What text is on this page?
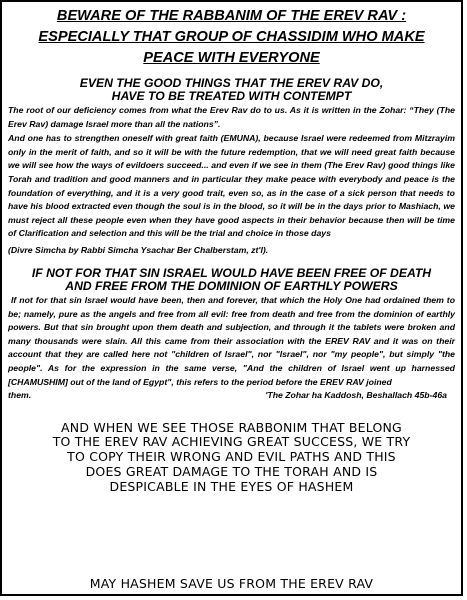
BEWARE OF THE RABBANIM OF THE EREV RAV :
ESPECIALLY THAT GROUP OF CHASSIDIM WHO MAKE
PEACE WITH EVERYONE
EVEN THE GOOD THINGS THAT THE EREV RAV DO,
HAVE TO BE TREATED WITH CONTEMPT

The root of our deficiency comes from what the Erev Rav do to us. As it is written in the Zohar: “They (The Erev Rav) damage Israel more than all the nations”.

And one has to strengthen oneself with great faith (EMUNA), because Israel were redeemed from Mitzrayim only in the merit of faith, and so it will be with the future redemption, that we will need great faith because we will see how the ways of evildoers succeed... and even if we see in them (The Erev Rav) good things like Torah and tradition and good manners and in particular they make peace with everybody and peace is the foundation of everything, and it is a very good trait, even so, as in the case of a sick person that needs to have his blood extracted even though the soul is in the blood, so it will be in the days prior to Mashiach, we must reject all these people even when they have good aspects in their behavior because then will be time of Clarification and selection and this will be the trial and choice in those days

(Divre Simcha by Rabbi Simcha Ysachar Ber Chalberstam, zt'l).

IF NOT FOR THAT SIN ISRAEL WOULD HAVE BEEN FREE OF DEATH
AND FREE FROM THE DOMINION OF EARTHLY POWERS

If not for that sin Israel would have been, then and forever, that which the Holy One had ordained them to be; namely, pure as the angels and free from all evil: free from death and free from the dominion of earthly powers. But that sin brought upon them death and subjection, and through it the tablets were broken and many thousands were slain. All this came from their association with the EREV RAV and it was on their account that they are called here not "children of Israel", nor "Israel", nor "my people", but simply "the people". As for the expression in the same verse, "And the children of Israel went up harnessed [CHAMUSHIM] out of the land of Egypt", this refers to the period before the EREV RAV joined

them.	'The Zohar ha Kaddosh, Beshallach 45b-46a
AND WHEN WE SEE THOSE RABBONIM THAT BELONG
TO THE EREV RAV ACHIEVING GREAT SUCCESS, WE TRY
TO COPY THEIR WRONG AND EVIL PATHS AND THIS
DOES GREAT DAMAGE TO THE TORAH AND IS
DESPICABLE IN THE EYES OF HASHEM
MAY HASHEM SAVE US FROM THE EREV RAV
